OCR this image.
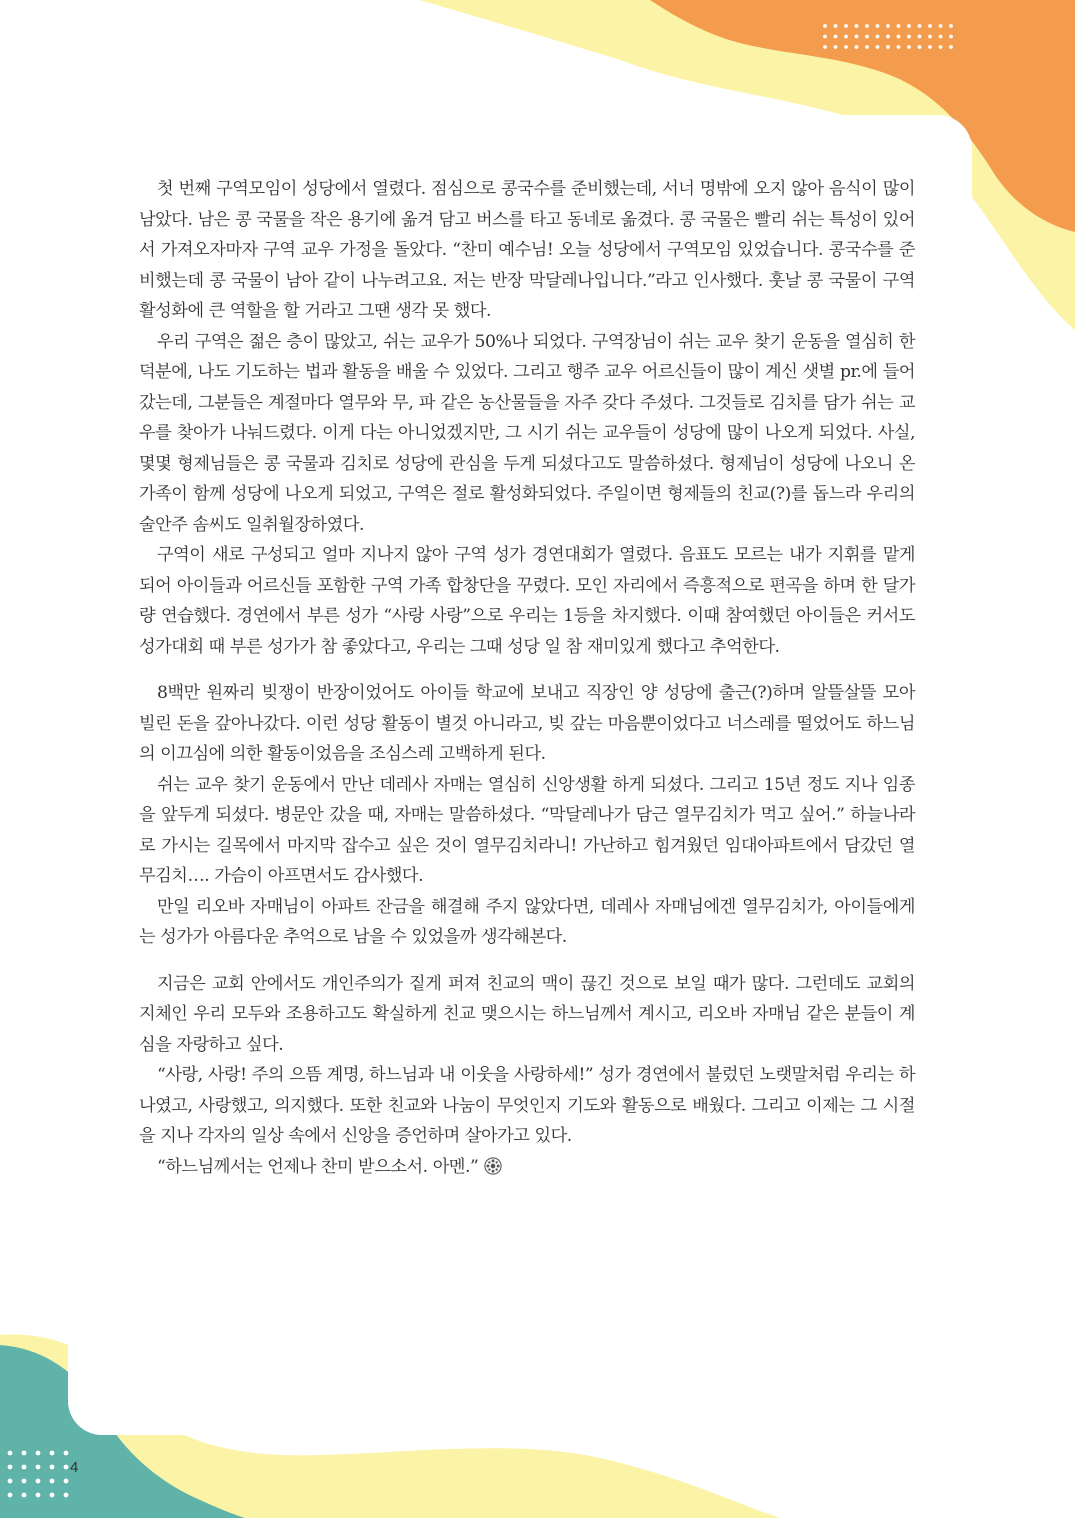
첫 번째 구역모임이 성당에서 열렸다. 점심으로 콩국수를 준비했는데, 서너 명밖에 오지 않아 음식이 많이 남았다. 남은 콩 국물을 작은 용기에 옮겨 담고 버스를 타고 동네로 옮겼다. 콩 국물은 빨리 쉬는 특성이 있어서 가져오자마자 구역 교우 가정을 돌았다. “찬미 예수님! 오늘 성당에서 구역모임 있었습니다. 콩국수를 준비했는데 콩 국물이 남아 같이 나누려고요. 저는 반장 막달레나입니다.”라고 인사했다. 훗날 콩 국물이 구역 활성화에 큰 역할을 할 거라고 그땐 생각 못 했다.

우리 구역은 젊은 층이 많았고, 쉬는 교우가 50%나 되었다. 구역장님이 쉬는 교우 찾기 운동을 열심히 한 덕분에, 나도 기도하는 법과 활동을 배울 수 있었다. 그리고 행주 교우 어르신들이 많이 계신 샛별 pr.에 들어갔는데, 그분들은 계절마다 열무와 무, 파 같은 농산물들을 자주 갖다 주셨다. 그것들로 김치를 담가 쉬는 교우를 찾아가 나눠드렸다. 이게 다는 아니었겠지만, 그 시기 쉬는 교우들이 성당에 많이 나오게 되었다. 사실, 몇몇 형제님들은 콩 국물과 김치로 성당에 관심을 두게 되셨다고도 말씀하셨다. 형제님이 성당에 나오니 온 가족이 함께 성당에 나오게 되었고, 구역은 절로 활성화되었다. 주일이면 형제들의 친교(?)를 돕느라 우리의 술안주 솜씨도 일취월장하였다.

구역이 새로 구성되고 얼마 지나지 않아 구역 성가 경연대회가 열렸다. 음표도 모르는 내가 지휘를 맡게 되어 아이들과 어르신들 포함한 구역 가족 합창단을 꾸렸다. 모인 자리에서 즉흥적으로 편곡을 하며 한 달가량 연습했다. 경연에서 부른 성가 “사랑 사랑”으로 우리는 1등을 차지했다. 이때 참여했던 아이들은 커서도 성가대회 때 부른 성가가 참 좋았다고, 우리는 그때 성당 일 참 재미있게 했다고 추억한다.

8백만 원짜리 빚쟁이 반장이었어도 아이들 학교에 보내고 직장인 양 성당에 출근(?)하며 알뜰살뜰 모아 빌린 돈을 갚아나갔다. 이런 성당 활동이 별것 아니라고, 빚 갚는 마음뿐이었다고 너스레를 떨었어도 하느님의 이끄심에 의한 활동이었음을 조심스레 고백하게 된다.

쉬는 교우 찾기 운동에서 만난 데레사 자매는 열심히 신앙생활 하게 되셨다. 그리고 15년 정도 지나 임종을 앞두게 되셨다. 병문안 갔을 때, 자매는 말씀하셨다. “막달레나가 담근 열무김치가 먹고 싶어.” 하늘나라로 가시는 길목에서 마지막 잡수고 싶은 것이 열무김치라니! 가난하고 힘겨웠던 임대아파트에서 담갔던 열무김치…. 가슴이 아프면서도 감사했다.

만일 리오바 자매님이 아파트 잔금을 해결해 주지 않았다면, 데레사 자매님에겐 열무김치가, 아이들에게는 성가가 아름다운 추억으로 남을 수 있었을까 생각해본다.

지금은 교회 안에서도 개인주의가 짙게 퍼져 친교의 맥이 끊긴 것으로 보일 때가 많다. 그런데도 교회의 지체인 우리 모두와 조용하고도 확실하게 친교 맺으시는 하느님께서 계시고, 리오바 자매님 같은 분들이 계심을 자랑하고 싶다.

“사랑, 사랑! 주의 으뜸 계명, 하느님과 내 이웃을 사랑하세!” 성가 경연에서 불렀던 노랫말처럼 우리는 하나였고, 사랑했고, 의지했다. 또한 친교와 나눔이 무엇인지 기도와 활동으로 배웠다. 그리고 이제는 그 시절을 지나 각자의 일상 속에서 신앙을 증언하며 살아가고 있다.

“하느님께서는 언제나 찬미 받으소서. 아멘.”

4
